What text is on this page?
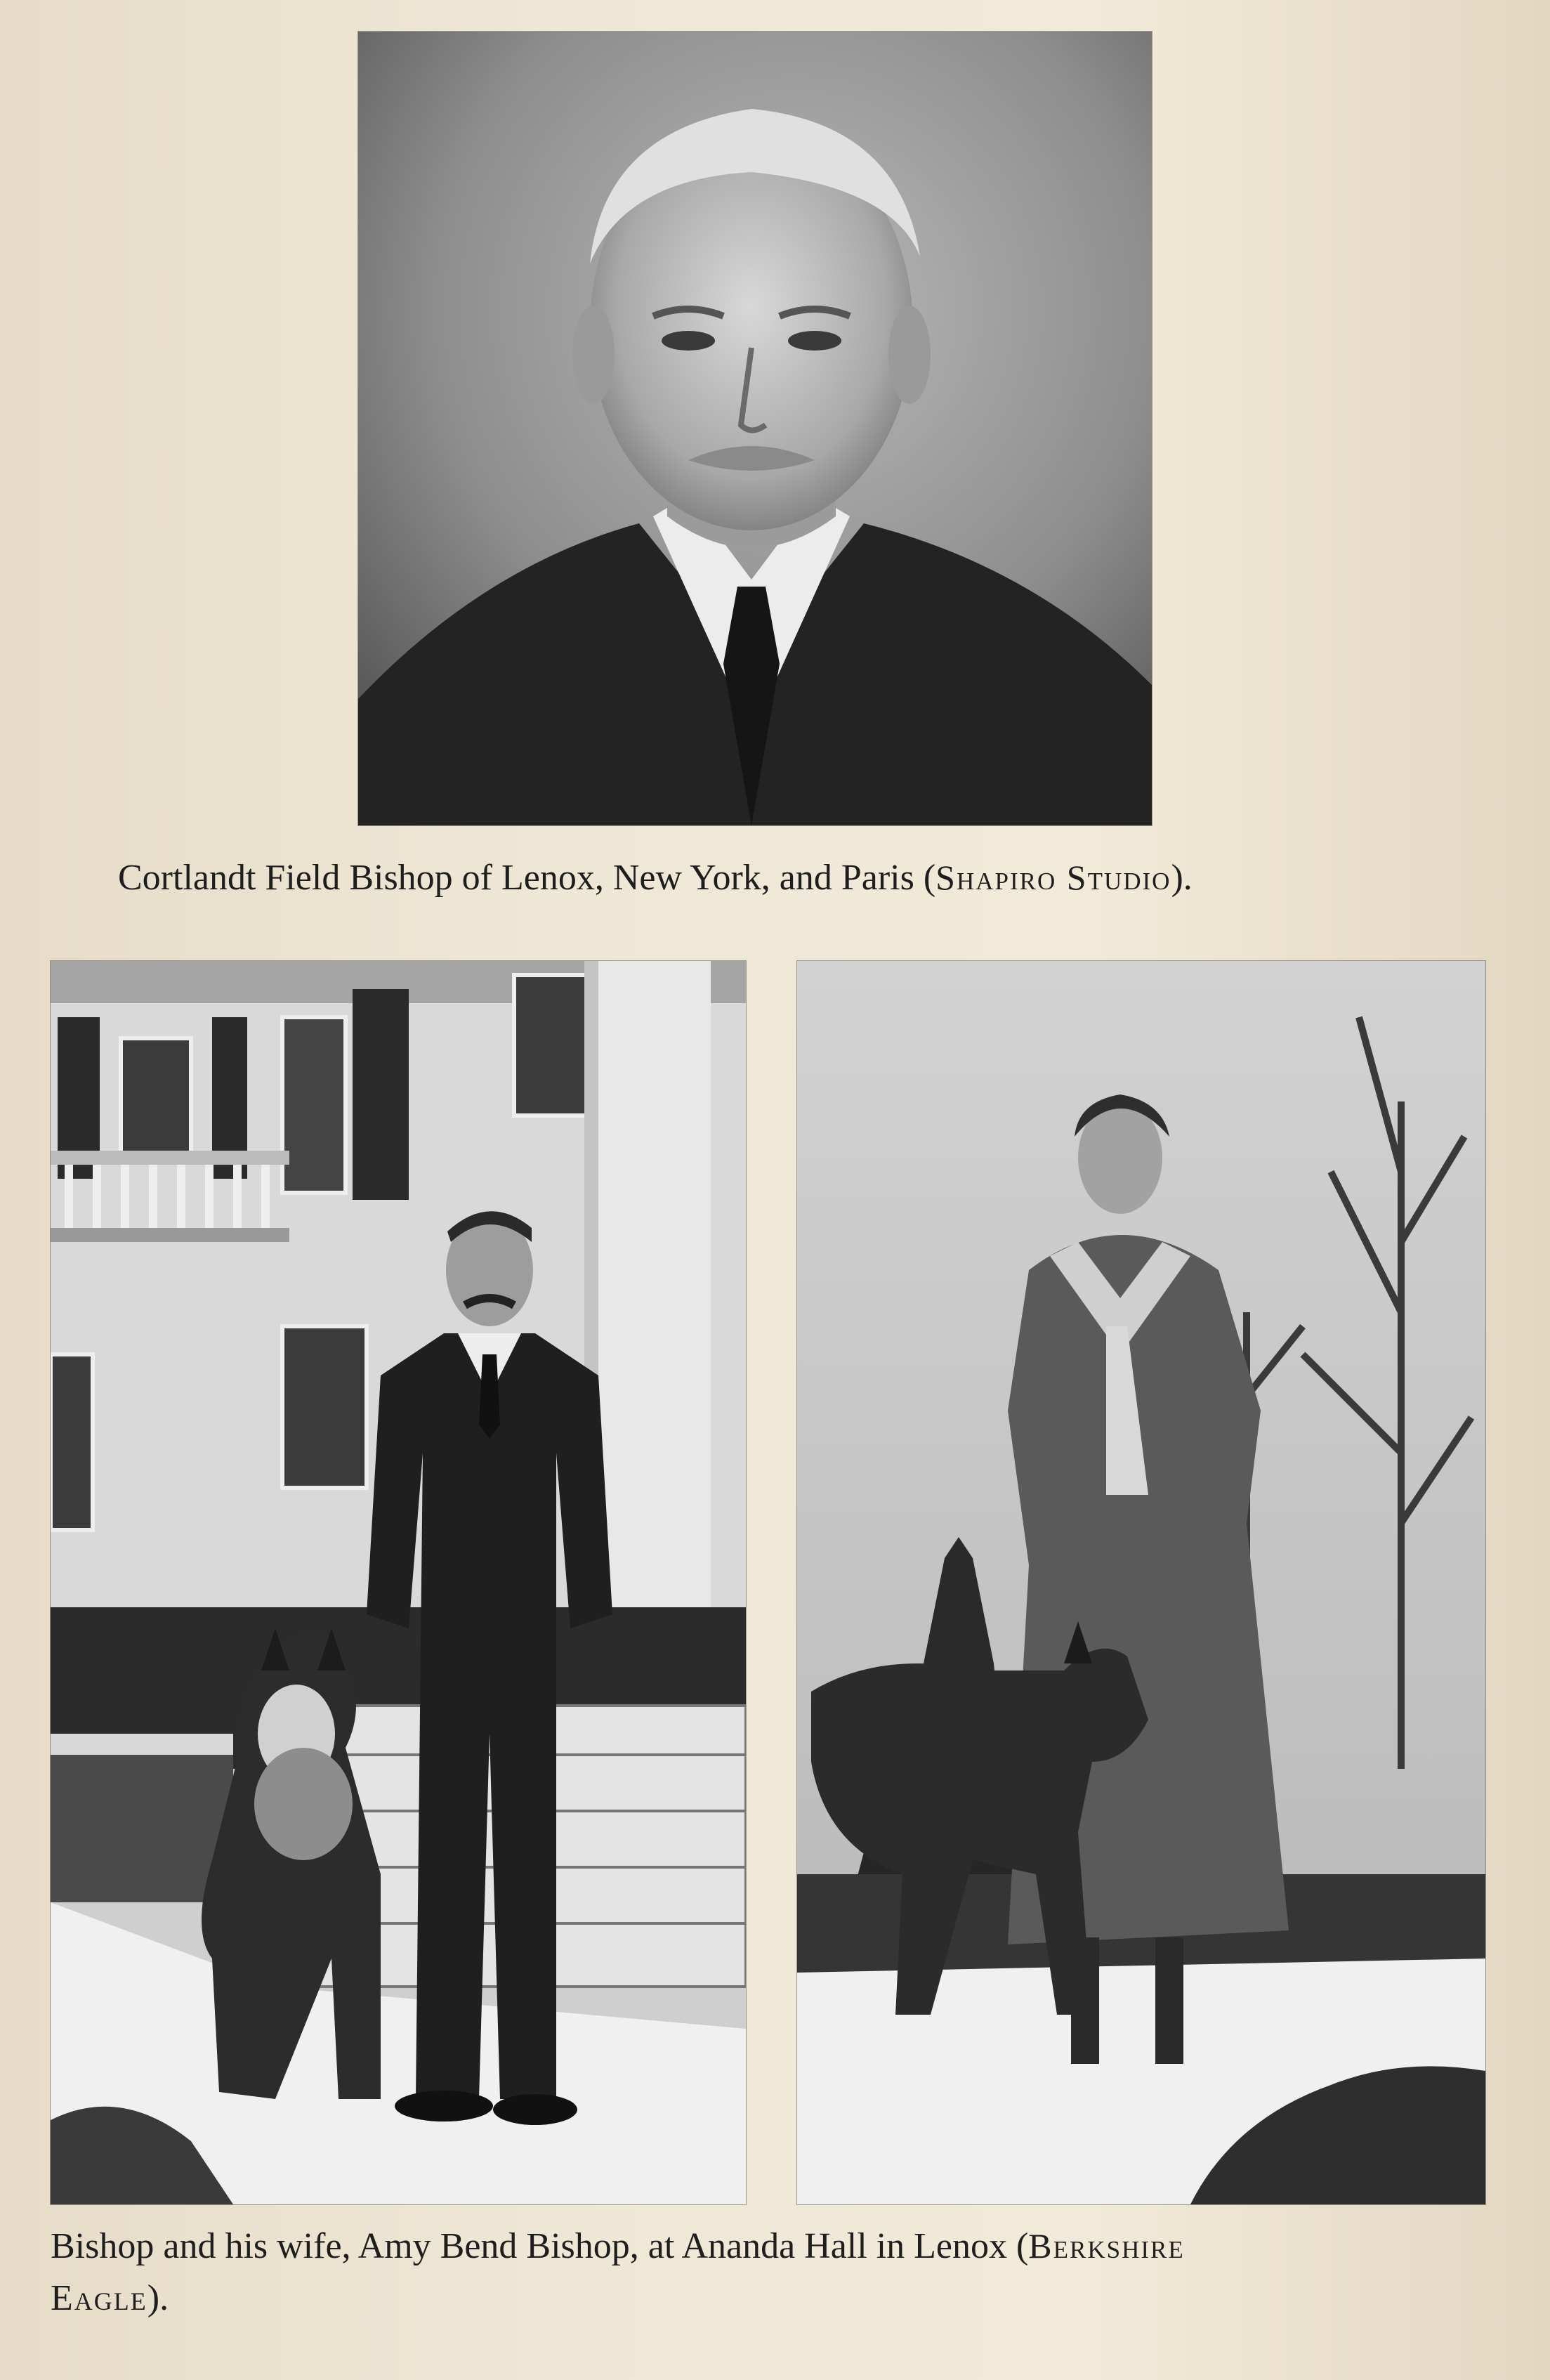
Cortlandt Field Bishop of Lenox, New York, and Paris (Shapiro Studio).

Bishop and his wife, Amy Bend Bishop, at Ananda Hall in Lenox (Berkshire
Eagle).
